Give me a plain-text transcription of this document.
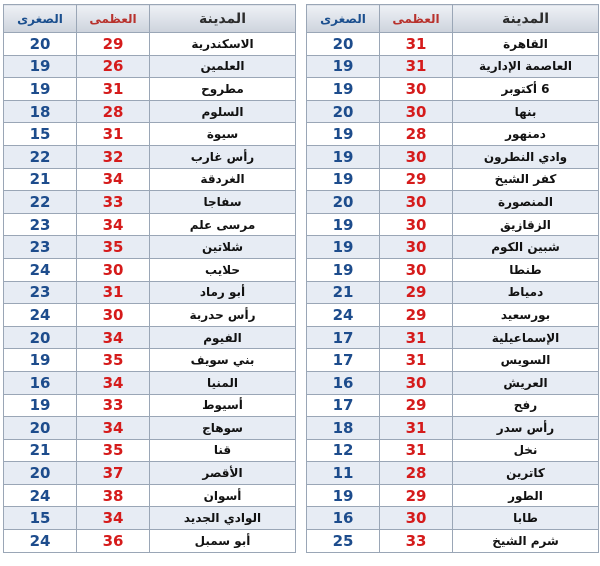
المدينة	العظمى	الصغرى
القاهرة	31	20
العاصمة الإدارية	31	19
6 أكتوبر	30	19
بنها	30	20
دمنهور	28	19
وادي النطرون	30	19
كفر الشيخ	29	19
المنصورة	30	20
الزقازيق	30	19
شبين الكوم	30	19
طنطا	30	19
دمياط	29	21
بورسعيد	29	24
الإسماعيلية	31	17
السويس	31	17
العريش	30	16
رفح	29	17
رأس سدر	31	18
نخل	31	12
كاترين	28	11
الطور	29	19
طابا	30	16
شرم الشيخ	33	25
المدينة	العظمى	الصغرى
الاسكندرية	29	20
العلمين	26	19
مطروح	31	19
السلوم	28	18
سيوة	31	15
رأس غارب	32	22
الغردقة	34	21
سفاجا	33	22
مرسى علم	34	23
شلاتين	35	23
حلايب	30	24
أبو رماد	31	23
رأس حدربة	30	24
الفيوم	34	20
بني سويف	35	19
المنيا	34	16
أسيوط	33	19
سوهاج	34	20
قنا	35	21
الأقصر	37	20
أسوان	38	24
الوادي الجديد	34	15
أبو سمبل	36	24
